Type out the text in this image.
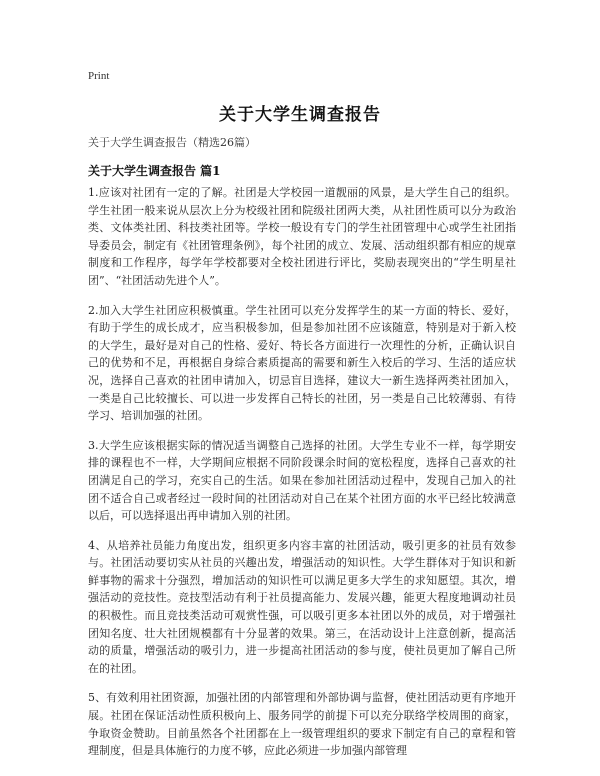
Print
关于大学生调查报告

关于大学生调查报告（精选26篇）

关于大学生调查报告 篇1

1.应该对社团有一定的了解。社团是大学校园一道靓丽的风景，是大学生自己的组织。学生社团一般来说从层次上分为校级社团和院级社团两大类，从社团性质可以分为政治类、文体类社团、科技类社团等。学校一般设有专门的学生社团管理中心或学生社团指导委员会，制定有《社团管理条例》，每个社团的成立、发展、活动组织都有相应的规章制度和工作程序，每学年学校都要对全校社团进行评比，奖励表现突出的“学生明星社团”、“社团活动先进个人”。

2.加入大学生社团应积极慎重。学生社团可以充分发挥学生的某一方面的特长、爱好，有助于学生的成长成才，应当积极参加，但是参加社团不应该随意，特别是对于新入校的大学生，最好是对自己的性格、爱好、特长各方面进行一次理性的分析，正确认识自己的优势和不足，再根据自身综合素质提高的需要和新生入校后的学习、生活的适应状况，选择自己喜欢的社团申请加入，切忌盲目选择，建议大一新生选择两类社团加入，一类是自己比较擅长、可以进一步发挥自己特长的社团，另一类是自己比较薄弱、有待学习、培训加强的社团。

3.大学生应该根据实际的情况适当调整自己选择的社团。大学生专业不一样，每学期安排的课程也不一样，大学期间应根据不同阶段课余时间的宽松程度，选择自己喜欢的社团满足自己的学习，充实自己的生活。如果在参加社团活动过程中，发现自己加入的社团不适合自己或者经过一段时间的社团活动对自己在某个社团方面的水平已经比较满意以后，可以选择退出再申请加入别的社团。

4、从培养社员能力角度出发，组织更多内容丰富的社团活动，吸引更多的社员有效参与。社团活动要切实从社员的兴趣出发，增强活动的知识性。大学生群体对于知识和新鲜事物的需求十分强烈，增加活动的知识性可以满足更多大学生的求知愿望。其次，增强活动的竞技性。竞技型活动有利于社员提高能力、发展兴趣，能更大程度地调动社员的积极性。而且竞技类活动可观赏性强，可以吸引更多本社团以外的成员，对于增强社团知名度、壮大社团规模都有十分显著的效果。第三，在活动设计上注意创新，提高活动的质量，增强活动的吸引力，进一步提高社团活动的参与度，使社员更加了解自己所在的社团。

5、有效利用社团资源，加强社团的内部管理和外部协调与监督，使社团活动更有序地开展。社团在保证活动性质积极向上、服务同学的前提下可以充分联络学校周围的商家，争取资金赞助。目前虽然各个社团都在上一级管理组织的要求下制定有自己的章程和管理制度，但是具体施行的力度不够，应此必须进一步加强内部管理
